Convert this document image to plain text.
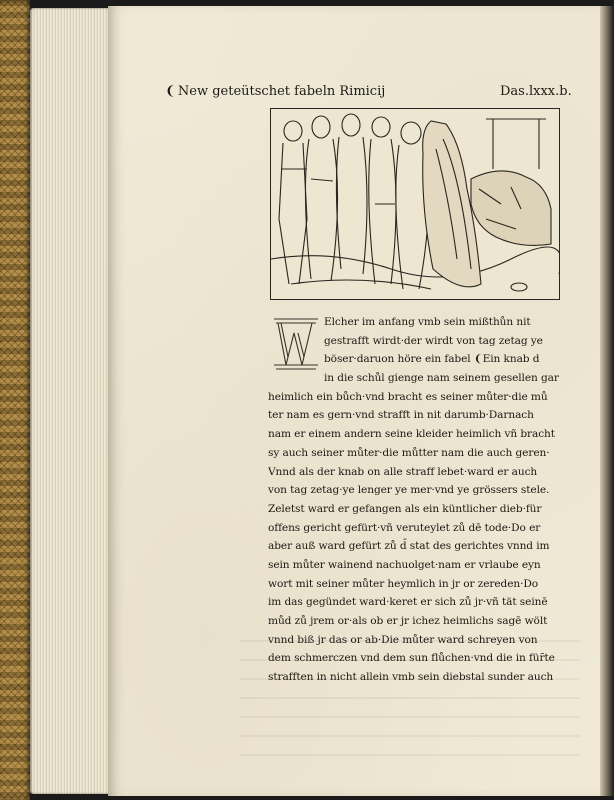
❨ New geteütschet fabeln Rimicij	Das.lxxx.b.
Elcher im anfang vmb sein mißthůn nit
gestrafft wirdt·der wirdt von tag zetag ye
böser·daruon höre ein fabel ❨Ein knab d
in die schůl gienge nam seinem gesellen gar
heimlich ein bůch·vnd bracht es seiner můter·die mů
ter nam es gern·vnd strafft in nit darumb·Darnach
nam er einem andern seine kleider heimlich vñ bracht
sy auch seiner můter·die můtter nam die auch geren·
Vnnd als der knab on alle straff lebet·ward er auch
von tag zetag·ye lenger ye mer·vnd ye grössers stele.
Zeletst ward er gefangen als ein küntlicher dieb·für
offens gericht gefürt·vñ veruteylet zů dē tode·Do er
aber auß ward gefürt zů d̄ stat des gerichtes vnnd im
sein můter wainend nachuolget·nam er vrlaube eyn
wort mit seiner můter heymlich in jr or zereden·Do
im das gegündet ward·keret er sich zů jr·vñ tät seinē
můd zů jrem or·als ob er jr ichez heimlichs sagē wölt
vnnd biß jr das or ab·Die můter ward schreyen von
dem schmerczen vnd dem sun flůchen·vnd die in für̄te
strafften in nicht allein vmb sein diebstal sunder auch
